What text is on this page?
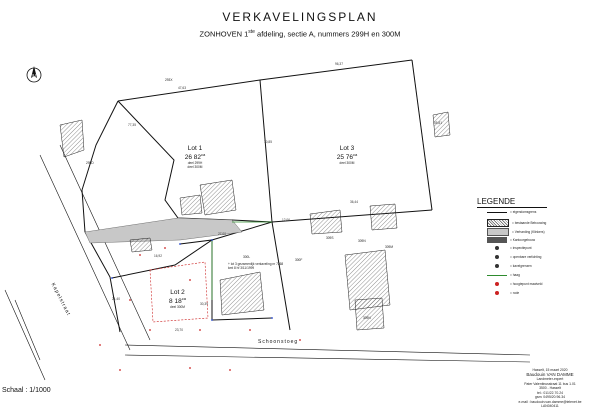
VERKAVELINGSPLAN
ZONHOVEN 1ste afdeling, sectie A, nummers 299H en 300M
N
Lot 1
26 $82^{ca}$
deel 299H
deel 300M
Lot 3
25 $76^{ca}$
deel 300M
Lot 2
8 $18^{ca}$
deel 300M
293X
295D
300L
300F
309S
309N
309M
309N
+ lot 3 gezamenlijk verkaveling nr 7268 kmt 8 hf 3/11/1999
Kapelstraat
Schoonstoeg
47,63
96,37
55,81
70,85
77,35
36,44
27,00
12,06
23,70
16,92
30,39
21,40
LEGENDE
= eigendomsgrens
= bestaande Bebouwing
= Verharding (Klinkers)
= Kantoorgebouw
= inspectiepunt
= openbare verlichting
= kavelgrenzen
= haag
= hoogtepunt maaiveld
= rode
Hasselt, 15 maart 2020
Baudouin VAN DAMME
Landmeter-expert
Pater Valentinusstraat 11 bus 1.01
3500 - Hasselt
tel.: 011/22.70.24
gsm: 0495/20.96.34
e-mail : baudouin.van.damme@telenet.be
LAN040411
Schaal : 1/1000
